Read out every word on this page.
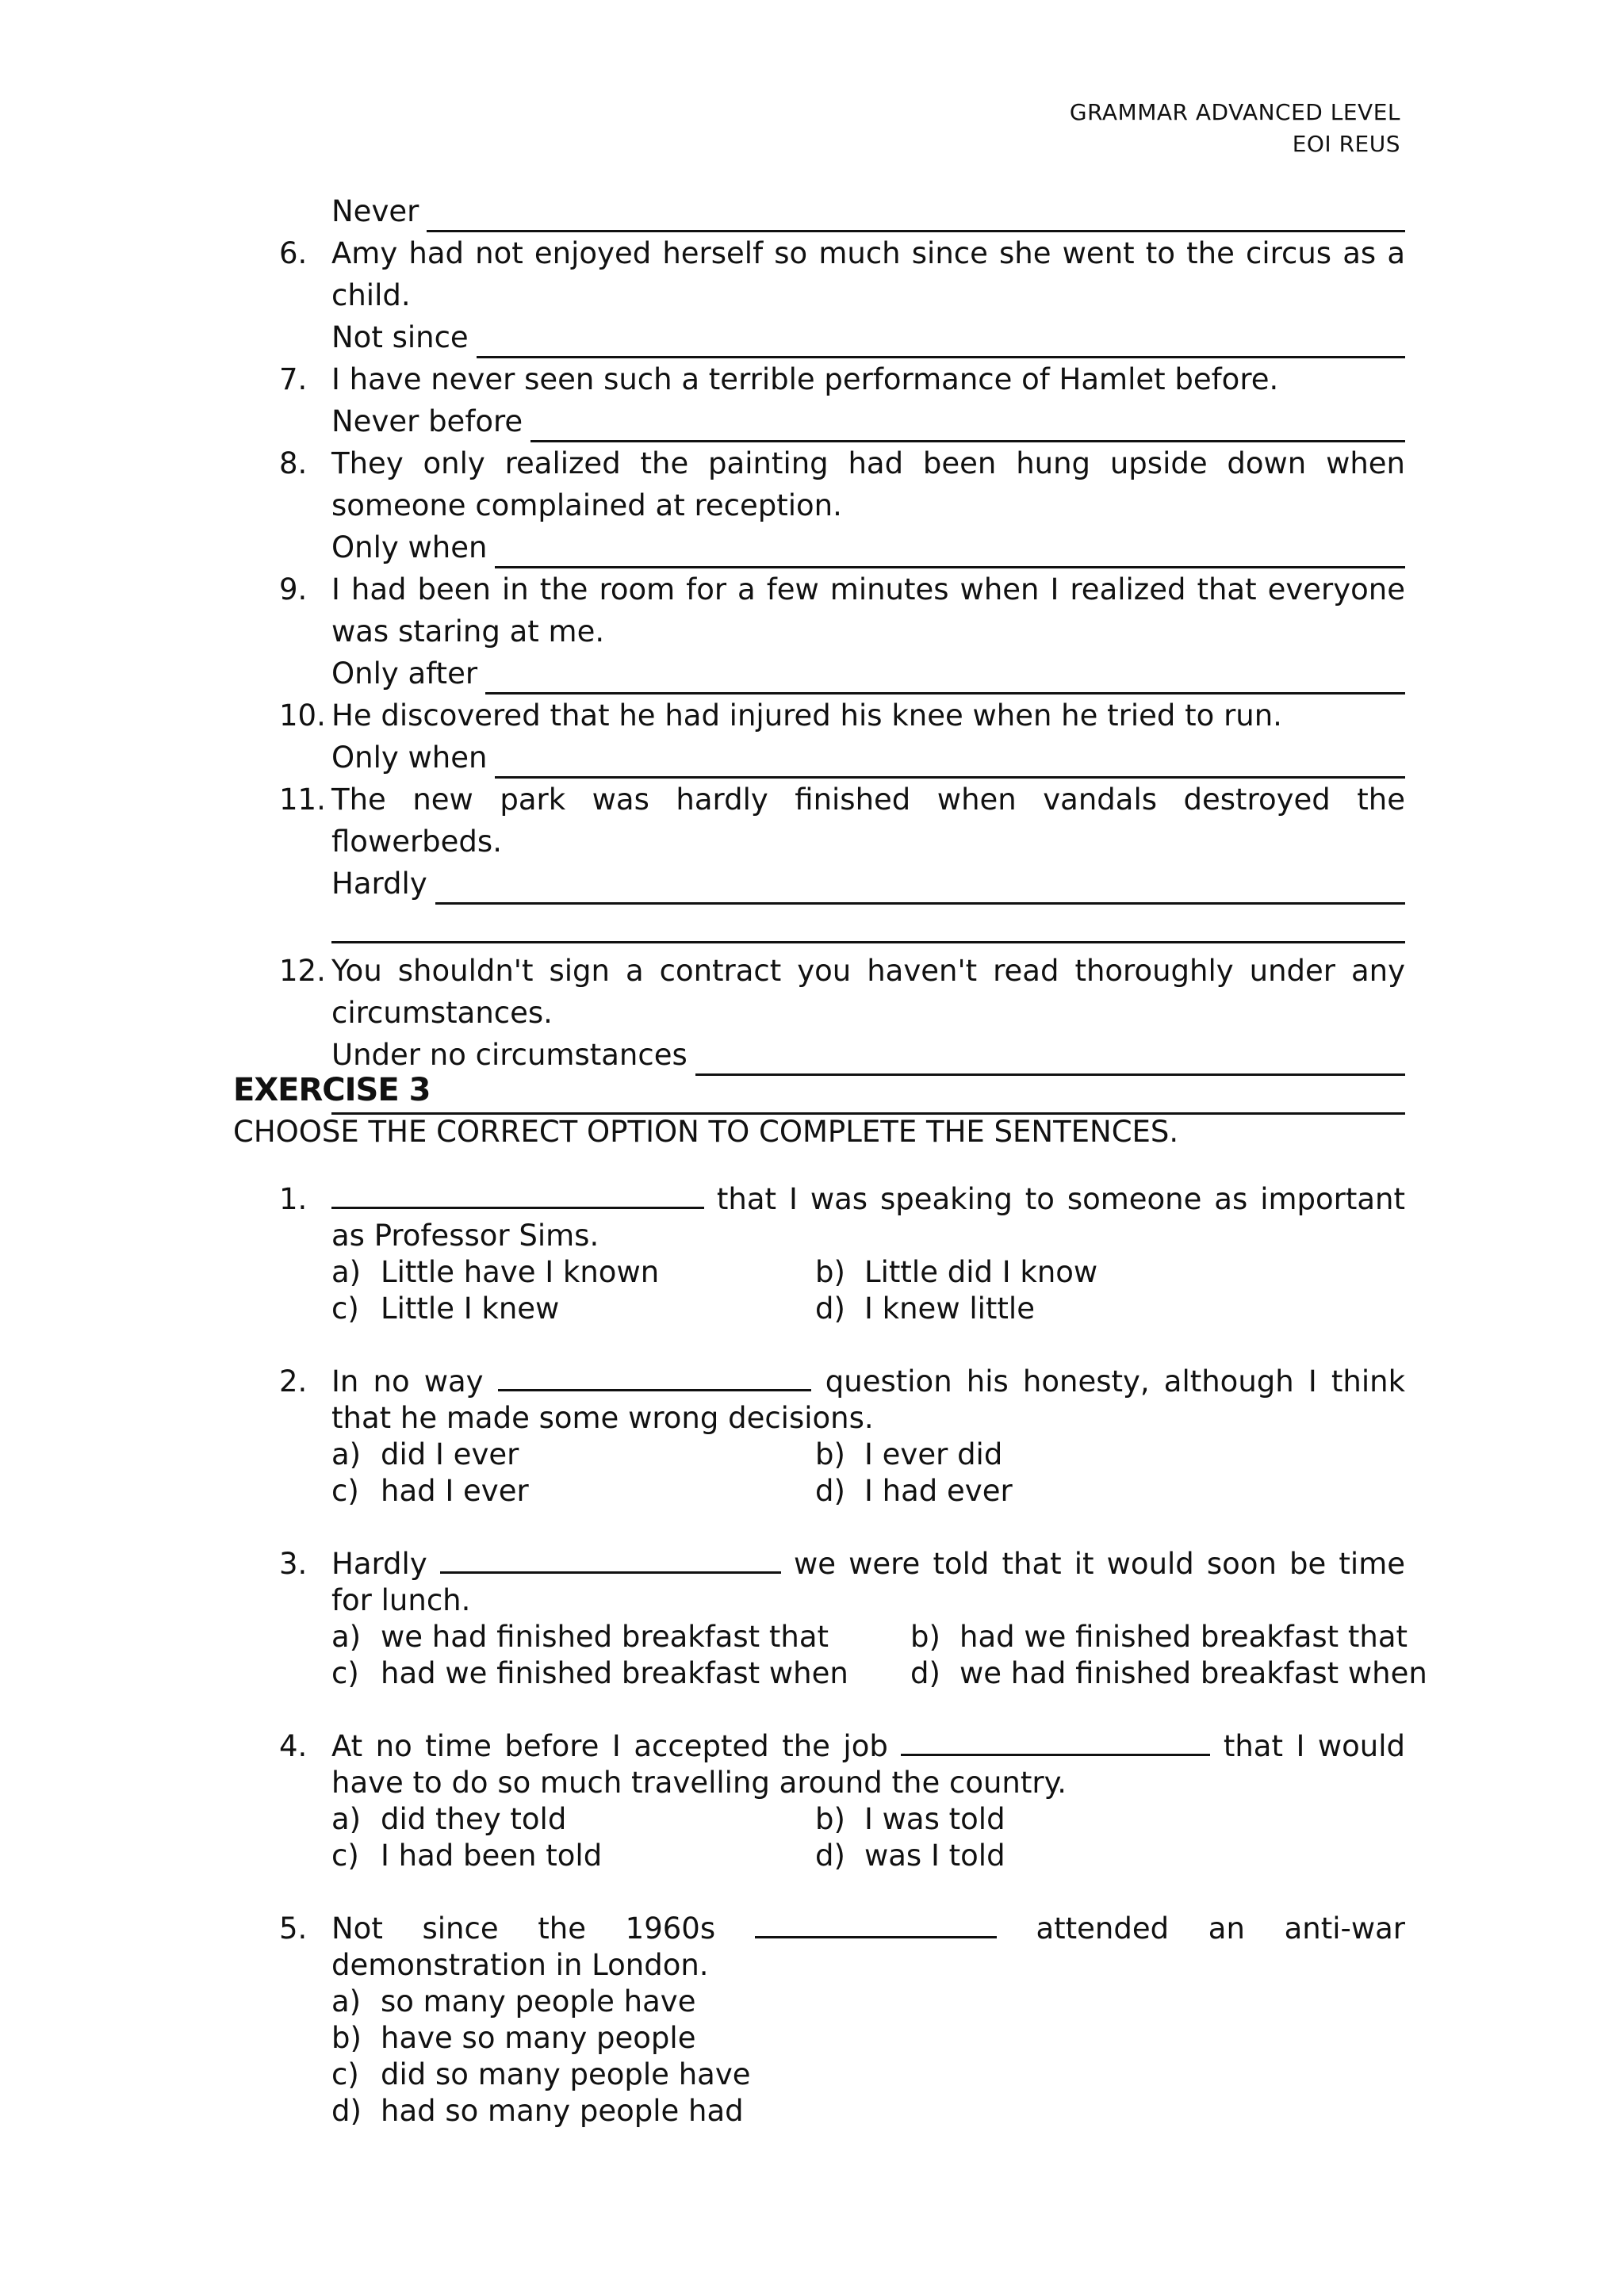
GRAMMAR ADVANCED LEVEL
EOI REUS
Never
6. Amy had not enjoyed herself so much since she went to the circus as a child.
Not since
7. I have never seen such a terrible performance of Hamlet before.
Never before
8. They only realized the painting had been hung upside down when someone complained at reception.
Only when
9. I had been in the room for a few minutes when I realized that everyone was staring at me.
Only after
10. He discovered that he had injured his knee when he tried to run.
Only when
11. The new park was hardly finished when vandals destroyed the flowerbeds.
Hardly
12. You shouldn't sign a contract you haven't read thoroughly under any circumstances.
Under no circumstances
EXERCISE 3
CHOOSE THE CORRECT OPTION TO COMPLETE THE SENTENCES.
1.	that I was speaking to someone as important as Professor Sims.
a) Little have I known	b) Little did I know
c) Little I knew	d) I knew little
2. In no way	question his honesty, although I think that he made some wrong decisions.
a) did I ever	b) I ever did
c) had I ever	d) I had ever
3. Hardly	we were told that it would soon be time for lunch.
a) we had finished breakfast that	b) had we finished breakfast that
c) had we finished breakfast when	d) we had finished breakfast when
4. At no time before I accepted the job	that I would have to do so much travelling around the country.
a) did they told	b) I was told
c) I had been told	d) was I told
5. Not since the 1960s	attended an anti-war demonstration in London.
a) so many people have
b) have so many people
c) did so many people have
d) had so many people had
